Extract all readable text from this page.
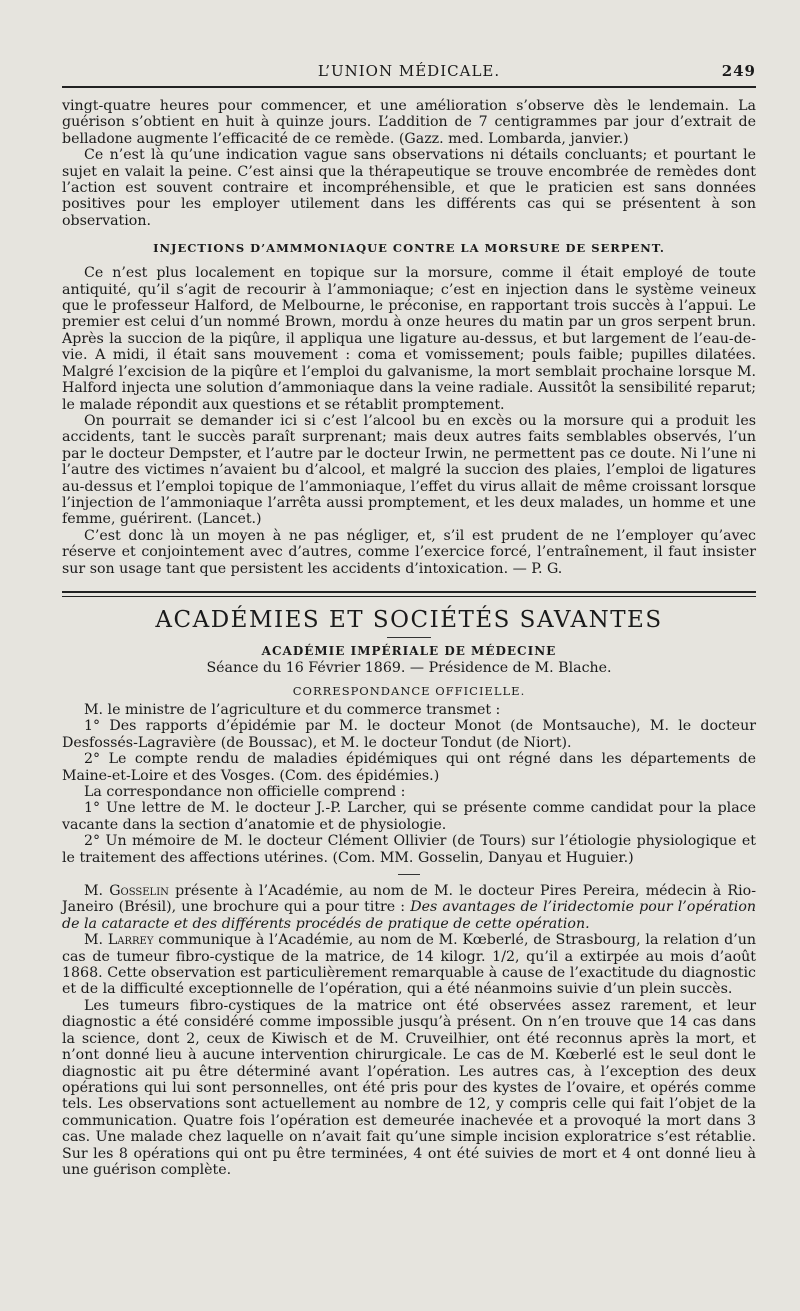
L’UNION MÉDICALE.	249

vingt-quatre heures pour commencer, et une amélioration s’observe dès le lendemain. La guérison s’obtient en huit à quinze jours. L’addition de 7 centigrammes par jour d’extrait de belladone augmente l’efficacité de ce remède. (Gazz. med. Lombarda, janvier.)

Ce n’est là qu’une indication vague sans observations ni détails concluants; et pourtant le sujet en valait la peine. C’est ainsi que la thérapeutique se trouve encombrée de remèdes dont l’action est souvent contraire et incompréhensible, et que le praticien est sans données positives pour les employer utilement dans les différents cas qui se présentent à son observation.

INJECTIONS D’AMMMONIAQUE CONTRE LA MORSURE DE SERPENT.

Ce n’est plus localement en topique sur la morsure, comme il était employé de toute antiquité, qu’il s’agit de recourir à l’ammoniaque; c’est en injection dans le système veineux que le professeur Halford, de Melbourne, le préconise, en rapportant trois succès à l’appui. Le premier est celui d’un nommé Brown, mordu à onze heures du matin par un gros serpent brun. Après la succion de la piqûre, il appliqua une ligature au-dessus, et but largement de l’eau-de-vie. A midi, il était sans mouvement : coma et vomissement; pouls faible; pupilles dilatées. Malgré l’excision de la piqûre et l’emploi du galvanisme, la mort semblait prochaine lorsque M. Halford injecta une solution d’ammoniaque dans la veine radiale. Aussitôt la sensibilité reparut; le malade répondit aux questions et se rétablit promptement.

On pourrait se demander ici si c’est l’alcool bu en excès ou la morsure qui a produit les accidents, tant le succès paraît surprenant; mais deux autres faits semblables observés, l’un par le docteur Dempster, et l’autre par le docteur Irwin, ne permettent pas ce doute. Ni l’une ni l’autre des victimes n’avaient bu d’alcool, et malgré la succion des plaies, l’emploi de ligatures au-dessus et l’emploi topique de l’ammoniaque, l’effet du virus allait de même croissant lorsque l’injection de l’ammoniaque l’arrêta aussi promptement, et les deux malades, un homme et une femme, guérirent. (Lancet.)

C’est donc là un moyen à ne pas négliger, et, s’il est prudent de ne l’employer qu’avec réserve et conjointement avec d’autres, comme l’exercice forcé, l’entraînement, il faut insister sur son usage tant que persistent les accidents d’intoxication. — P. G.

ACADÉMIES ET SOCIÉTÉS SAVANTES
ACADÉMIE IMPÉRIALE DE MÉDECINE
Séance du 16 Février 1869. — Présidence de M. Blache.
CORRESPONDANCE OFFICIELLE.

M. le ministre de l’agriculture et du commerce transmet :

1° Des rapports d’épidémie par M. le docteur Monot (de Montsauche), M. le docteur Desfossés-Lagravière (de Boussac), et M. le docteur Tondut (de Niort).

2° Le compte rendu de maladies épidémiques qui ont régné dans les départements de Maine-et-Loire et des Vosges. (Com. des épidémies.)

La correspondance non officielle comprend :

1° Une lettre de M. le docteur J.-P. Larcher, qui se présente comme candidat pour la place vacante dans la section d’anatomie et de physiologie.

2° Un mémoire de M. le docteur Clément Ollivier (de Tours) sur l’étiologie physiologique et le traitement des affections utérines. (Com. MM. Gosselin, Danyau et Huguier.)

M. Gosselin présente à l’Académie, au nom de M. le docteur Pires Pereira, médecin à Rio-Janeiro (Brésil), une brochure qui a pour titre : Des avantages de l’iridectomie pour l’opération de la cataracte et des différents procédés de pratique de cette opération.

M. Larrey communique à l’Académie, au nom de M. Kœberlé, de Strasbourg, la relation d’un cas de tumeur fibro-cystique de la matrice, de 14 kilogr. 1/2, qu’il a extirpée au mois d’août 1868. Cette observation est particulièrement remarquable à cause de l’exactitude du diagnostic et de la difficulté exceptionnelle de l’opération, qui a été néanmoins suivie d’un plein succès.

Les tumeurs fibro-cystiques de la matrice ont été observées assez rarement, et leur diagnostic a été considéré comme impossible jusqu’à présent. On n’en trouve que 14 cas dans la science, dont 2, ceux de Kiwisch et de M. Cruveilhier, ont été reconnus après la mort, et n’ont donné lieu à aucune intervention chirurgicale. Le cas de M. Kœberlé est le seul dont le diagnostic ait pu être déterminé avant l’opération. Les autres cas, à l’exception des deux opérations qui lui sont personnelles, ont été pris pour des kystes de l’ovaire, et opérés comme tels. Les observations sont actuellement au nombre de 12, y compris celle qui fait l’objet de la communication. Quatre fois l’opération est demeurée inachevée et a provoqué la mort dans 3 cas. Une malade chez laquelle on n’avait fait qu’une simple incision exploratrice s’est rétablie. Sur les 8 opérations qui ont pu être terminées, 4 ont été suivies de mort et 4 ont donné lieu à une guérison complète.
